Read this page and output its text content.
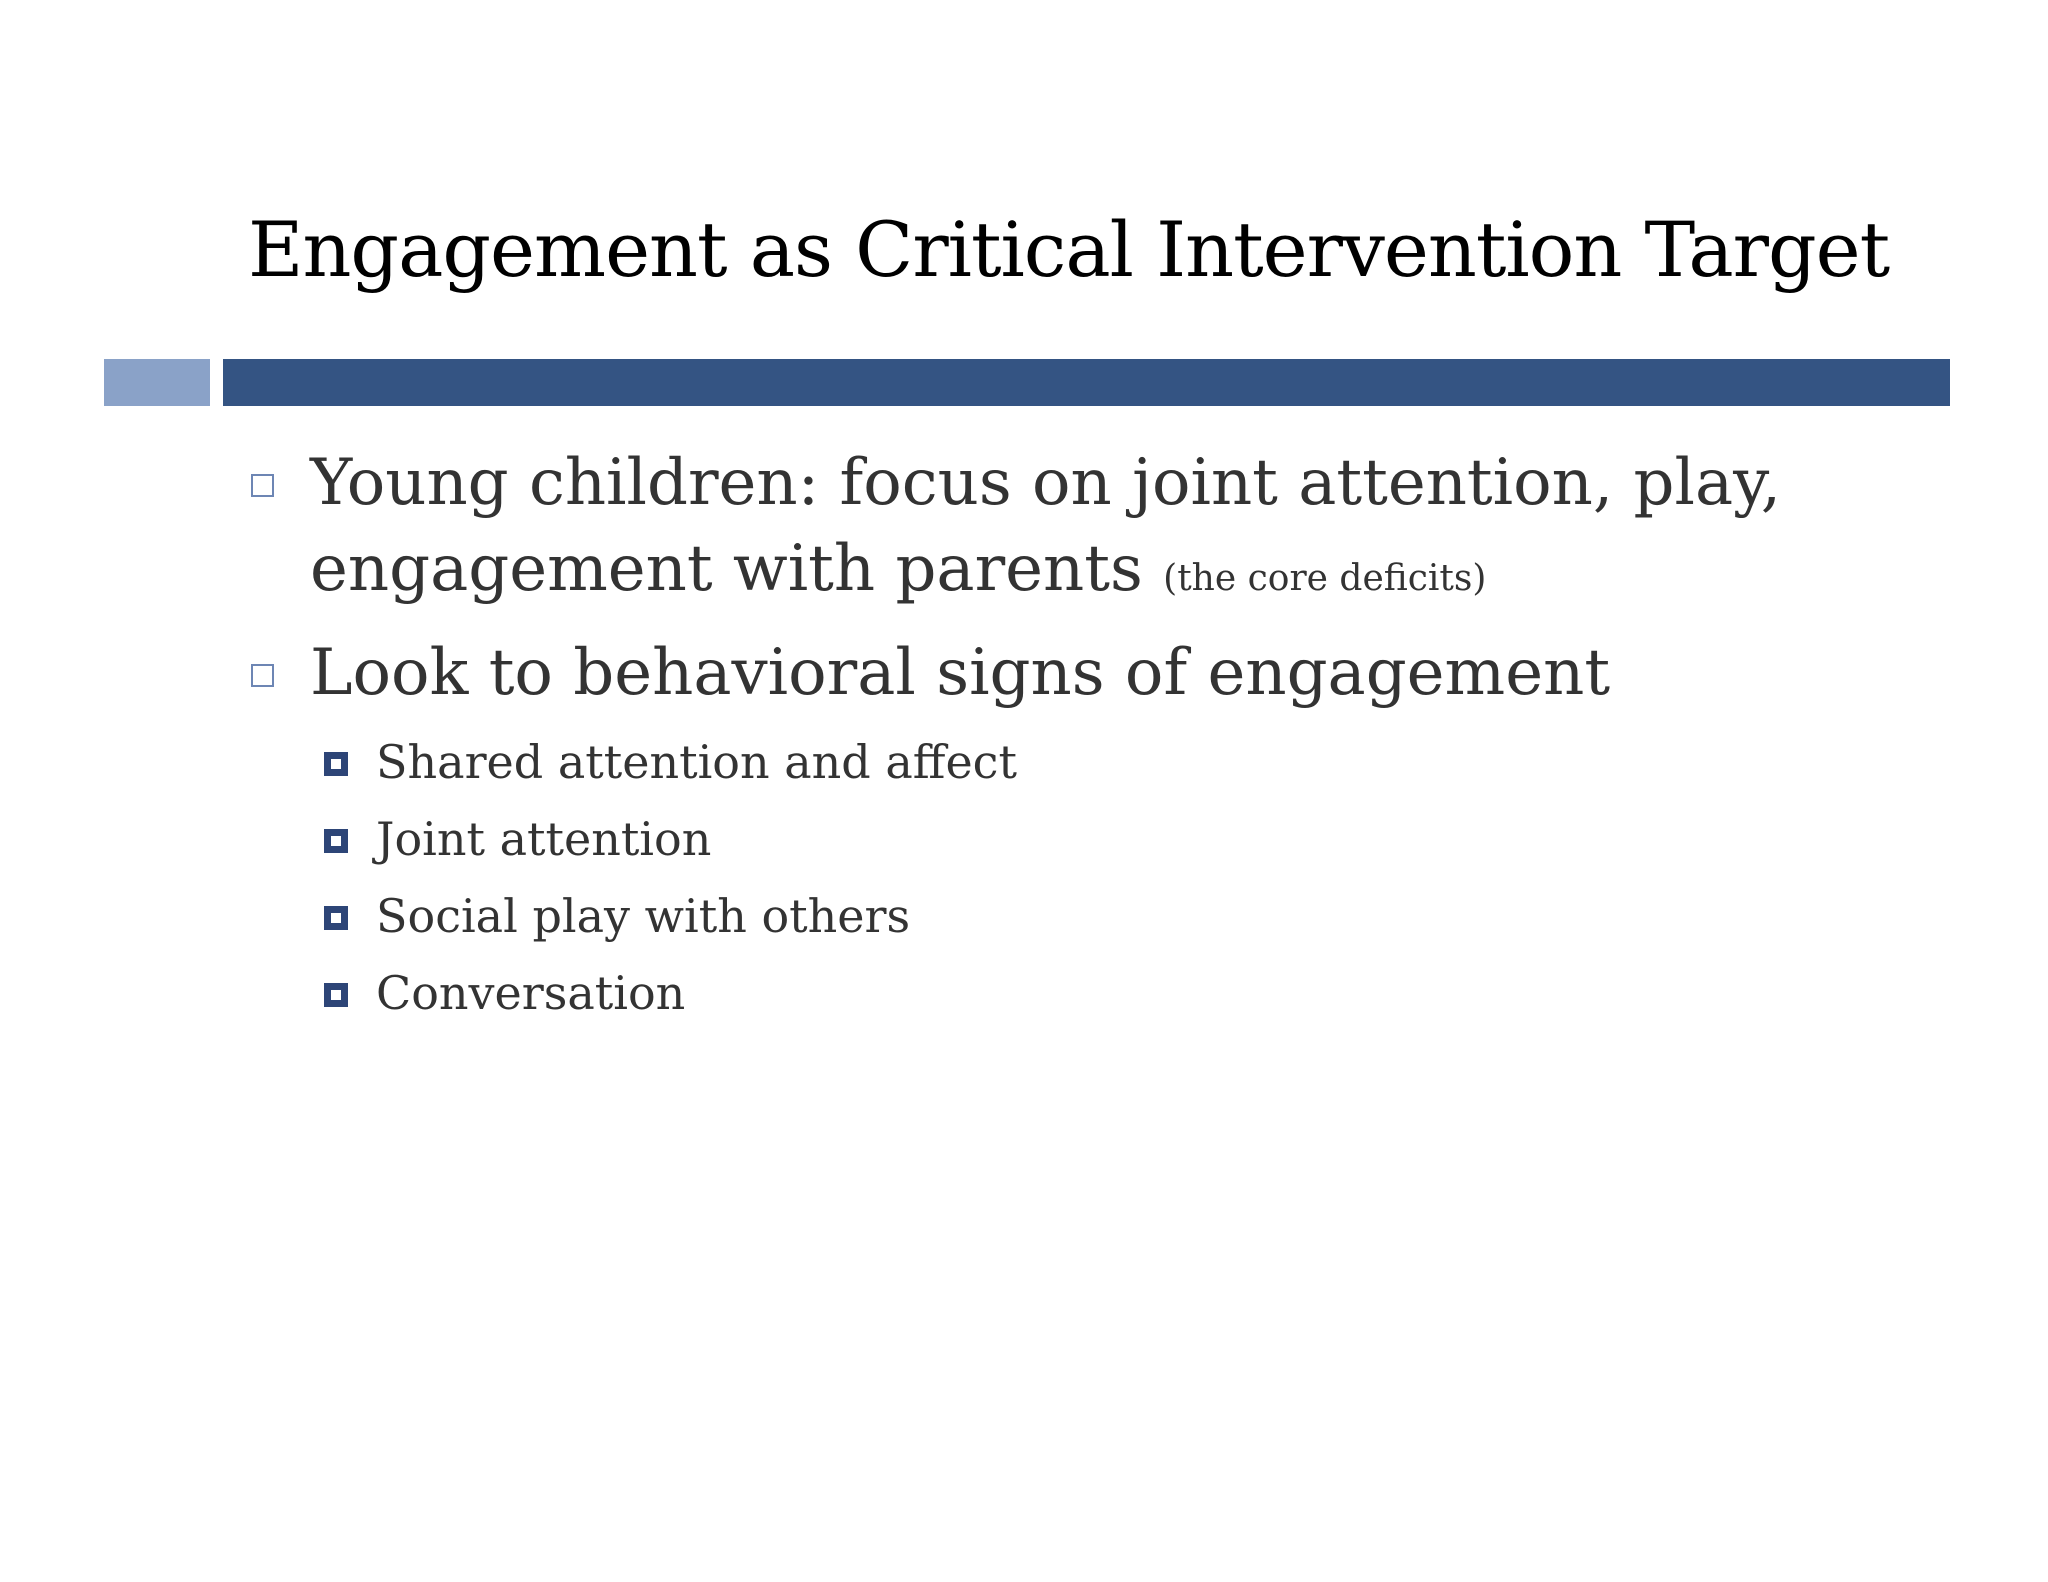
Engagement as Critical Intervention Target
Young children: focus on joint attention, play, engagement with parents (the core deficits)
Look to behavioral signs of engagement
Shared attention and affect
Joint attention
Social play with others
Conversation
